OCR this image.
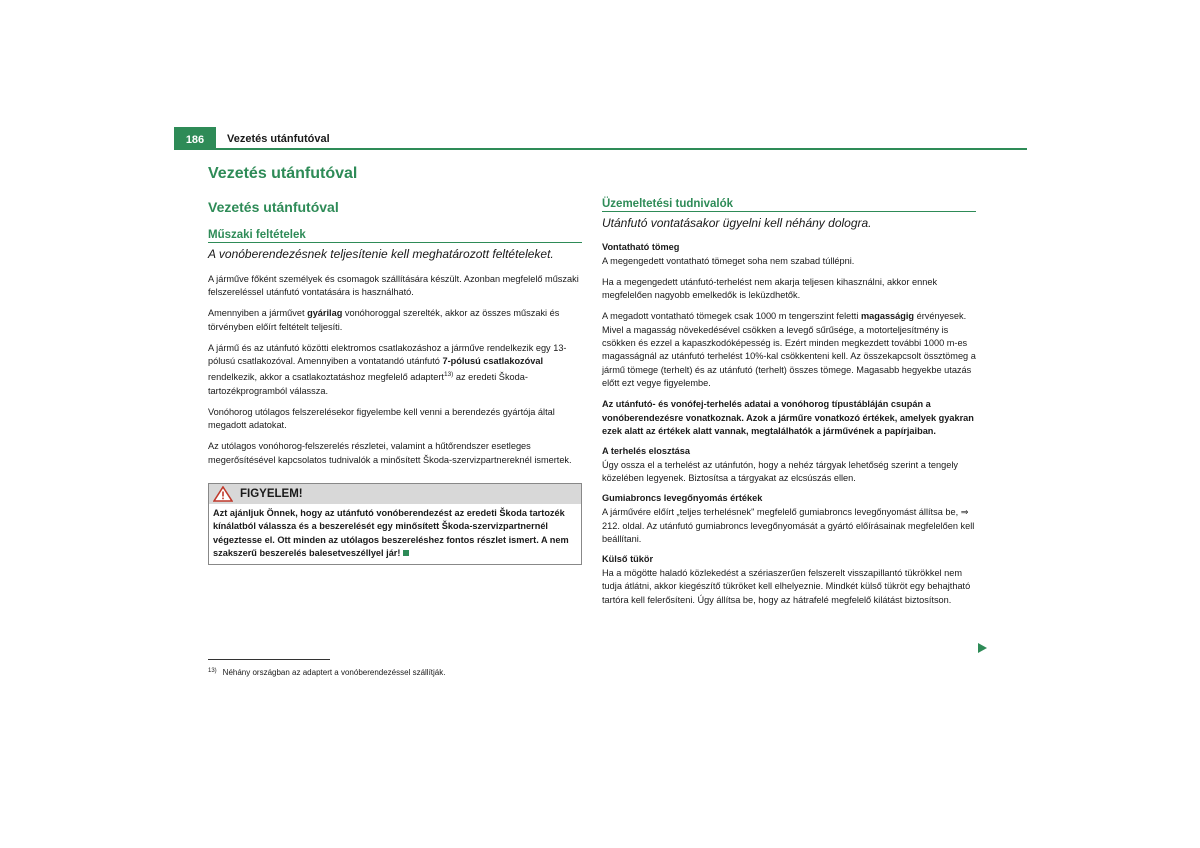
186	Vezetés utánfutóval
Vezetés utánfutóval
Vezetés utánfutóval
Műszaki feltételek
A vonóberendezésnek teljesítenie kell meghatározott feltételeket.

A járműve főként személyek és csomagok szállítására készült. Azonban megfelelő műszaki felszereléssel utánfutó vontatására is használható.

Amennyiben a járművet gyárilag vonóhoroggal szerelték, akkor az összes műszaki és törvényben előírt feltételt teljesíti.

A jármű és az utánfutó közötti elektromos csatlakozáshoz a járműve rendelkezik egy 13-pólusú csatlakozóval. Amennyiben a vontatandó utánfutó 7-pólusú csatlakozóval rendelkezik, akkor a csatlakoztatáshoz megfelelő adaptert$^{13)}$ az eredeti Škoda-tartozékprogramból válassza.

Vonóhorog utólagos felszerelésekor figyelembe kell venni a berendezés gyártója által megadott adatokat.

Az utólagos vonóhorog-felszerelés részletei, valamint a hűtőrendszer esetleges megerősítésével kapcsolatos tudnivalók a minősített Škoda-szervizpartnereknél ismertek.

FIGYELEM!
Azt ajánljuk Önnek, hogy az utánfutó vonóberendezést az eredeti Škoda tartozék kínálatból válassza és a beszerelését egy minősített Škoda-szervizpartnernél végeztesse el. Ott minden az utólagos beszereléshez fontos részlet ismert. A nem szakszerű beszerelés balesetveszéllyel jár!
Üzemeltetési tudnivalók
Utánfutó vontatásakor ügyelni kell néhány dologra.
Vontatható tömeg

A megengedett vontatható tömeget soha nem szabad túllépni.

Ha a megengedett utánfutó-terhelést nem akarja teljesen kihasználni, akkor ennek megfelelően nagyobb emelkedők is leküzdhetők.

A megadott vontatható tömegek csak 1000 m tengerszint feletti magasságig érvényesek. Mivel a magasság növekedésével csökken a levegő sűrűsége, a motorteljesítmény is csökken és ezzel a kapaszkodóképesség is. Ezért minden megkezdett további 1000 m-es magasságnál az utánfutó terhelést 10%-kal csökkenteni kell. Az összekapcsolt össztömeg a jármű tömege (terhelt) és az utánfutó (terhelt) összes tömege. Magasabb hegyekbe utazás előtt ezt vegye figyelembe.

Az utánfutó- és vonófej-terhelés adatai a vonóhorog típustábláján csupán a vonóberendezésre vonatkoznak. Azok a járműre vonatkozó értékek, amelyek gyakran ezek alatt az értékek alatt vannak, megtalálhatók a járművének a papírjaiban.

A terhelés elosztása

Úgy ossza el a terhelést az utánfutón, hogy a nehéz tárgyak lehetőség szerint a tengely közelében legyenek. Biztosítsa a tárgyakat az elcsúszás ellen.

Gumiabroncs levegőnyomás értékek

A járművére előírt „teljes terhelésnek" megfelelő gumiabroncs levegőnyomást állítsa be, ⇒ 212. oldal. Az utánfutó gumiabroncs levegőnyomását a gyártó előírásainak megfelelően kell beállítani.

Külső tükör

Ha a mögötte haladó közlekedést a szériaszerűen felszerelt visszapillantó tükrökkel nem tudja átlátni, akkor kiegészítő tükröket kell elhelyeznie. Mindkét külső tükröt egy behajtható tartóra kell felerősíteni. Úgy állítsa be, hogy az hátrafelé megfelelő kilátást biztosítson.

$^{13)}$ Néhány országban az adaptert a vonóberendezéssel szállítják.
